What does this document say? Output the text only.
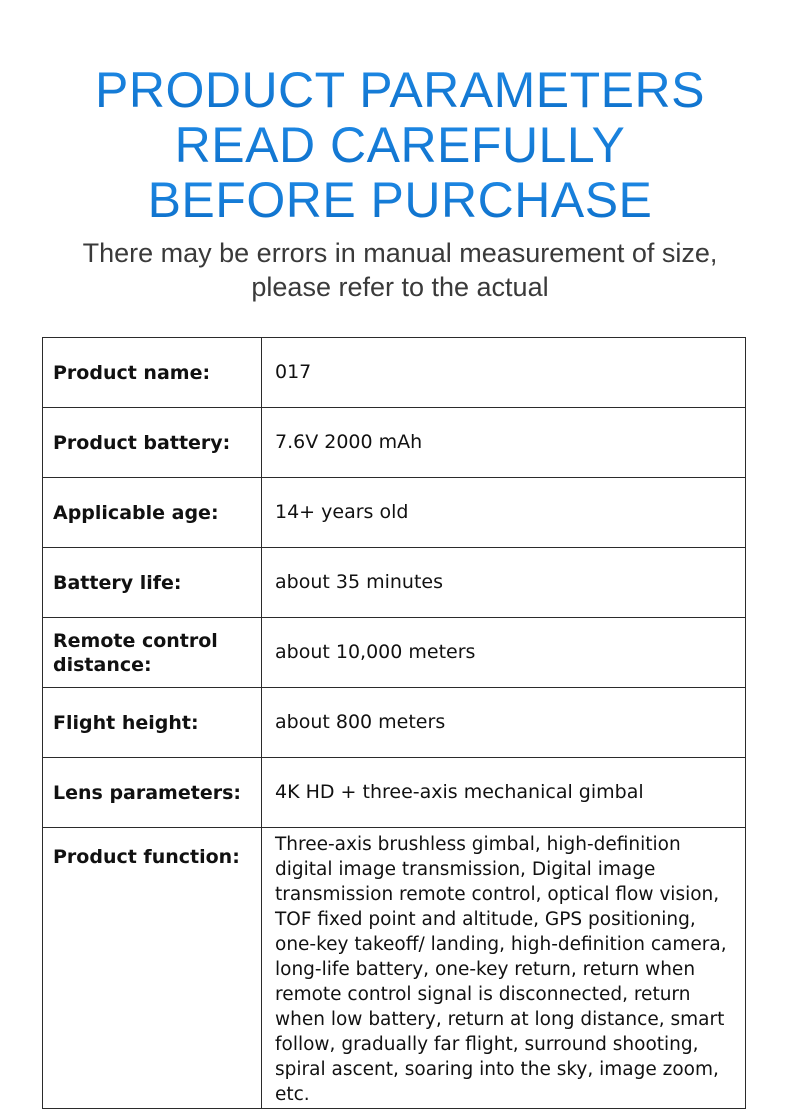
PRODUCT PARAMETERS
READ CAREFULLY
BEFORE PURCHASE
There may be errors in manual measurement of size,
please refer to the actual
Product name:	017
Product battery:	7.6V 2000 mAh
Applicable age:	14+ years old
Battery life:	about 35 minutes
Remote control distance:	about 10,000 meters
Flight height:	about 800 meters
Lens parameters:	4K HD + three-axis mechanical gimbal
Product function:	Three-axis brushless gimbal, high-definition digital image transmission, Digital image transmission remote control, optical flow vision, TOF fixed point and altitude, GPS positioning, one-key takeoff/ landing, high-definition camera, long-life battery, one-key return, return when remote control signal is disconnected, return when low battery, return at long distance, smart follow, gradually far flight, surround shooting, spiral ascent, soaring into the sky, image zoom, etc.
